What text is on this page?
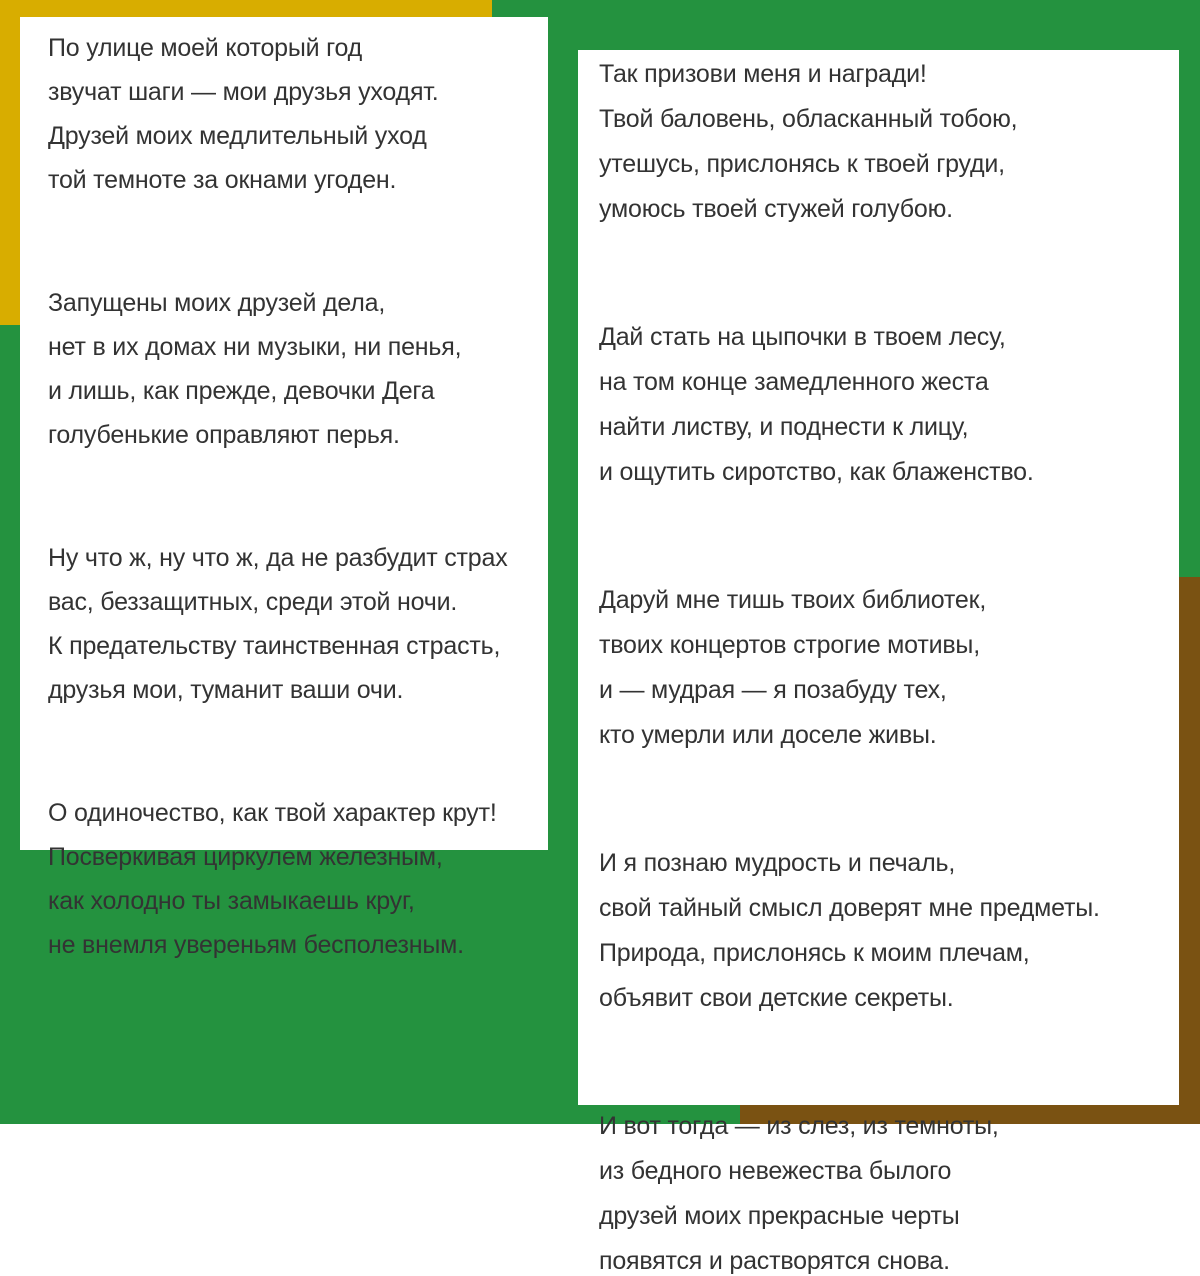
По улице моей который год
звучат шаги — мои друзья уходят.
Друзей моих медлительный уход
той темноте за окнами угоден.
Запущены моих друзей дела,
нет в их домах ни музыки, ни пенья,
и лишь, как прежде, девочки Дега
голубенькие оправляют перья.
Ну что ж, ну что ж, да не разбудит страх
вас, беззащитных, среди этой ночи.
К предательству таинственная страсть,
друзья мои, туманит ваши очи.
О одиночество, как твой характер крут!
Посверкивая циркулем железным,
как холодно ты замыкаешь круг,
не внемля увереньям бесполезным.
Так призови меня и награди!
Твой баловень, обласканный тобою,
утешусь, прислонясь к твоей груди,
умоюсь твоей стужей голубою.
Дай стать на цыпочки в твоем лесу,
на том конце замедленного жеста
найти листву, и поднести к лицу,
и ощутить сиротство, как блаженство.
Даруй мне тишь твоих библиотек,
твоих концертов строгие мотивы,
и — мудрая — я позабуду тех,
кто умерли или доселе живы.
И я познаю мудрость и печаль,
свой тайный смысл доверят мне предметы.
Природа, прислонясь к моим плечам,
объявит свои детские секреты.
И вот тогда — из слез, из темноты,
из бедного невежества былого
друзей моих прекрасные черты
появятся и растворятся снова.
